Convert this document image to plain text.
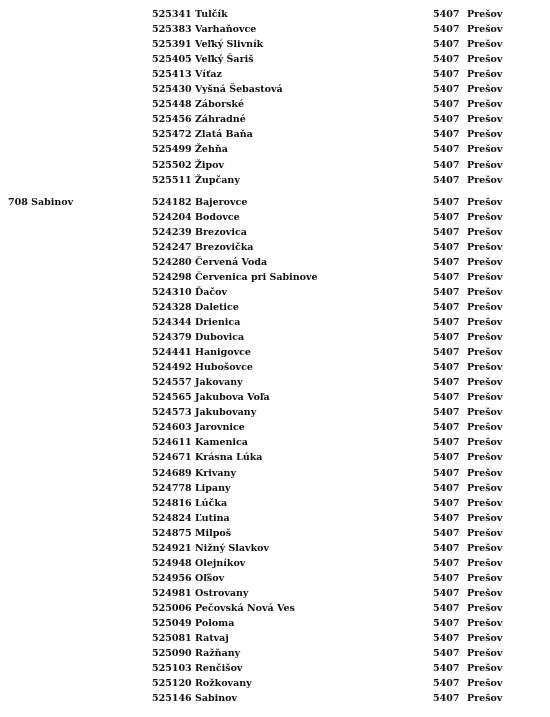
525341 Tulčík	5407 Prešov
525383 Varhaňovce	5407 Prešov
525391 Veľký Slivník	5407 Prešov
525405 Veľký Šariš	5407 Prešov
525413 Víťaz	5407 Prešov
525430 Vyšná Šebastová	5407 Prešov
525448 Záborské	5407 Prešov
525456 Záhradné	5407 Prešov
525472 Zlatá Baňa	5407 Prešov
525499 Žehňa	5407 Prešov
525502 Žipov	5407 Prešov
525511 Župčany	5407 Prešov
708 Sabinov	524182 Bajerovce	5407 Prešov
524204 Bodovce	5407 Prešov
524239 Brezovica	5407 Prešov
524247 Brezovička	5407 Prešov
524280 Červená Voda	5407 Prešov
524298 Červenica pri Sabinove	5407 Prešov
524310 Ďačov	5407 Prešov
524328 Daletice	5407 Prešov
524344 Drienica	5407 Prešov
524379 Dubovica	5407 Prešov
524441 Hanigovce	5407 Prešov
524492 Hubošovce	5407 Prešov
524557 Jakovany	5407 Prešov
524565 Jakubova Voľa	5407 Prešov
524573 Jakubovany	5407 Prešov
524603 Jarovnice	5407 Prešov
524611 Kamenica	5407 Prešov
524671 Krásna Lúka	5407 Prešov
524689 Krivany	5407 Prešov
524778 Lipany	5407 Prešov
524816 Lúčka	5407 Prešov
524824 Ľutina	5407 Prešov
524875 Milpoš	5407 Prešov
524921 Nižný Slavkov	5407 Prešov
524948 Olejníkov	5407 Prešov
524956 Oľšov	5407 Prešov
524981 Ostrovany	5407 Prešov
525006 Pečovská Nová Ves	5407 Prešov
525049 Poloma	5407 Prešov
525081 Ratvaj	5407 Prešov
525090 Ražňany	5407 Prešov
525103 Renčišov	5407 Prešov
525120 Rožkovany	5407 Prešov
525146 Sabinov	5407 Prešov
